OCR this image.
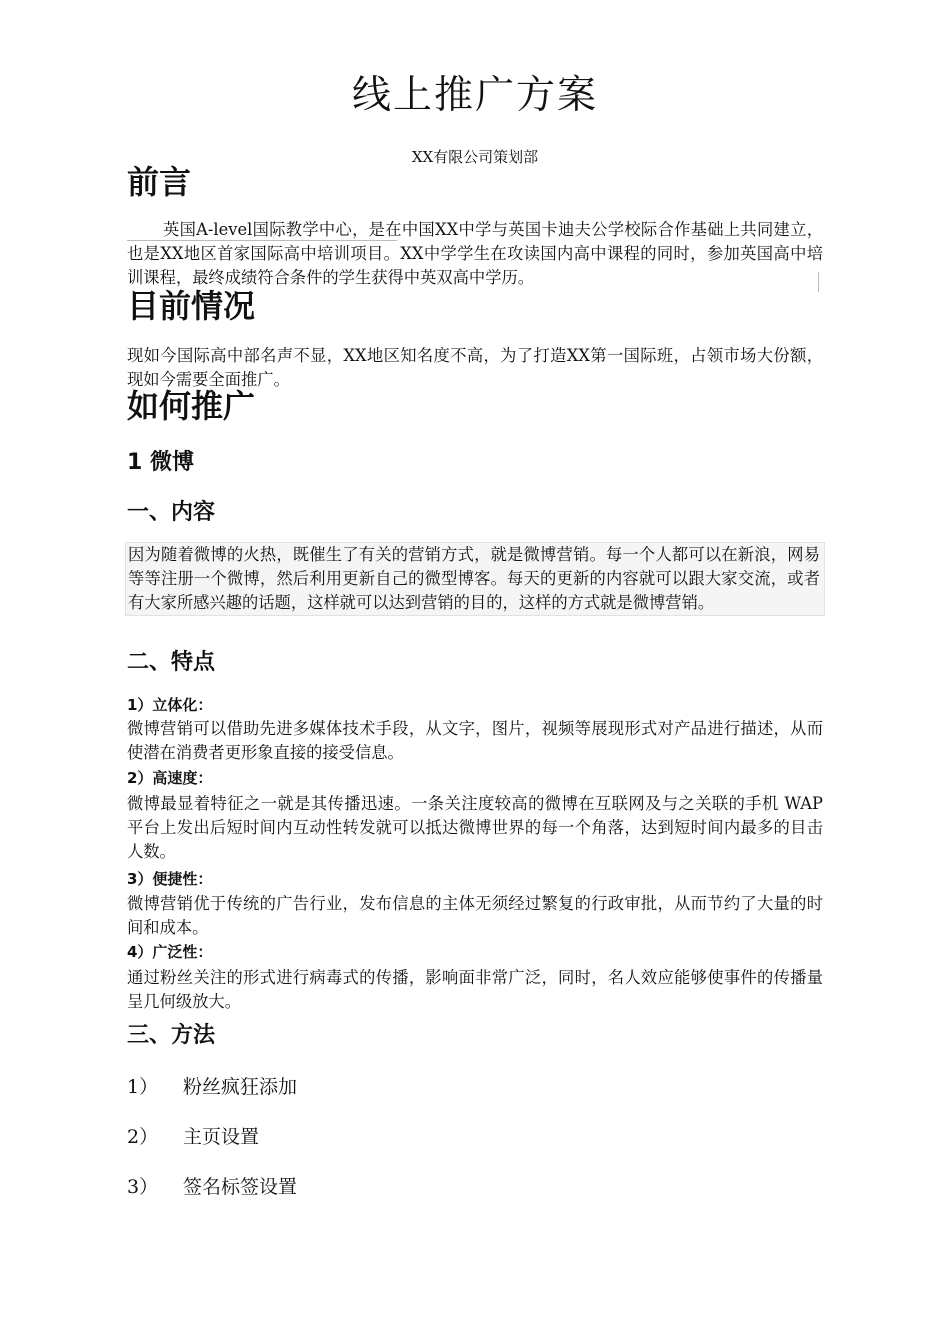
线上推广方案

XX有限公司策划部

前言

英国A-level国际教学中心，是在中国XX中学与英国卡迪夫公学校际合作基础上共同建立，也是XX地区首家国际高中培训项目。XX中学学生在攻读国内高中课程的同时，参加英国高中培训课程，最终成绩符合条件的学生获得中英双高中学历。

目前情况

现如今国际高中部名声不显，XX地区知名度不高，为了打造XX第一国际班，占领市场大份额，现如今需要全面推广。

如何推广
1 微博
一、内容

因为随着微博的火热，既催生了有关的营销方式，就是微博营销。每一个人都可以在新浪，网易等等注册一个微博，然后利用更新自己的微型博客。每天的更新的内容就可以跟大家交流，或者有大家所感兴趣的话题，这样就可以达到营销的目的，这样的方式就是微博营销。

二、特点

1）立体化：

微博营销可以借助先进多媒体技术手段，从文字，图片，视频等展现形式对产品进行描述，从而使潜在消费者更形象直接的接受信息。

2）高速度：

微博最显着特征之一就是其传播迅速。一条关注度较高的微博在互联网及与之关联的手机 WAP 平台上发出后短时间内互动性转发就可以抵达微博世界的每一个角落，达到短时间内最多的目击人数。

3）便捷性：

微博营销优于传统的广告行业，发布信息的主体无须经过繁复的行政审批，从而节约了大量的时间和成本。

4）广泛性：

通过粉丝关注的形式进行病毒式的传播，影响面非常广泛，同时，名人效应能够使事件的传播量呈几何级放大。

三、方法

1） 粉丝疯狂添加

2） 主页设置

3） 签名标签设置
